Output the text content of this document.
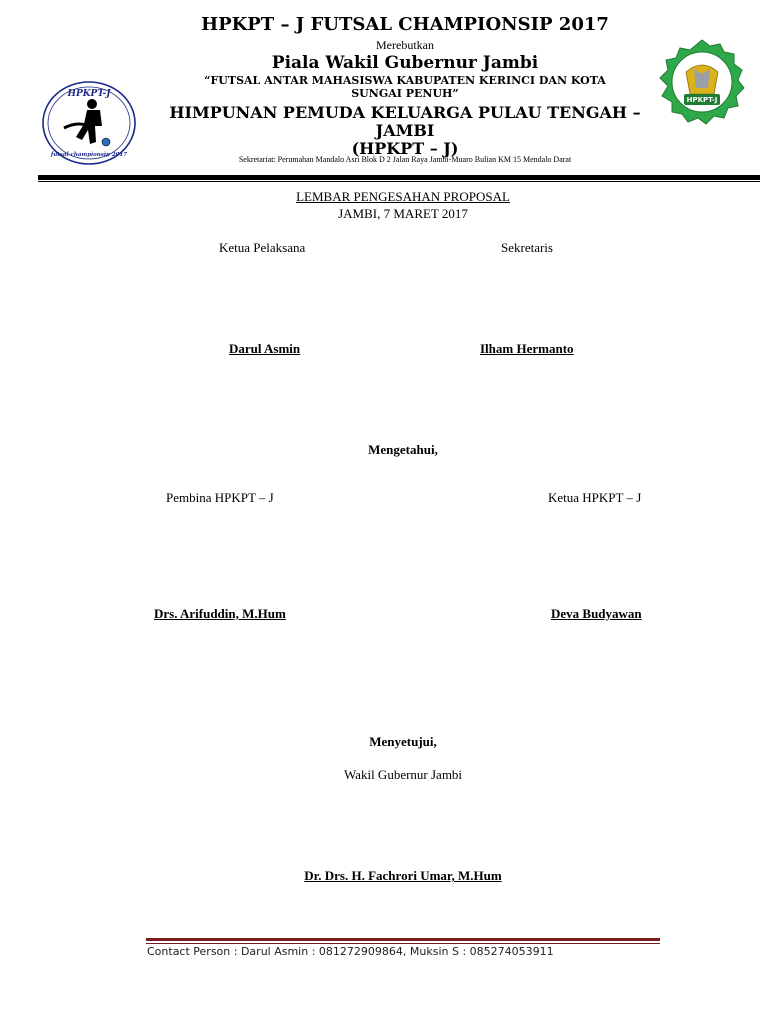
HPKPT-J
futsal championsip 2017
HPKPT-J
HPKPT – J FUTSAL CHAMPIONSIP 2017
Merebutkan
Piala Wakil Gubernur Jambi
“FUTSAL ANTAR MAHASISWA KABUPATEN KERINCI DAN KOTA
SUNGAI PENUH”
HIMPUNAN PEMUDA KELUARGA PULAU TENGAH –
JAMBI
(HPKPT – J)
Sekretariat: Perumahan Mandalo Asri Blok D 2 Jalan Raya Jambi-Muaro Bulian KM 15 Mendalo Darat
LEMBAR PENGESAHAN PROPOSAL
JAMBI, 7 MARET 2017
Ketua Pelaksana	Sekretaris
Darul Asmin	Ilham Hermanto
Mengetahui,
Pembina HPKPT – J	Ketua HPKPT – J
Drs. Arifuddin, M.Hum	Deva Budyawan
Menyetujui,
Wakil Gubernur Jambi
Dr. Drs. H. Fachrori Umar, M.Hum
Contact Person : Darul Asmin : 081272909864, Muksin S : 085274053911
